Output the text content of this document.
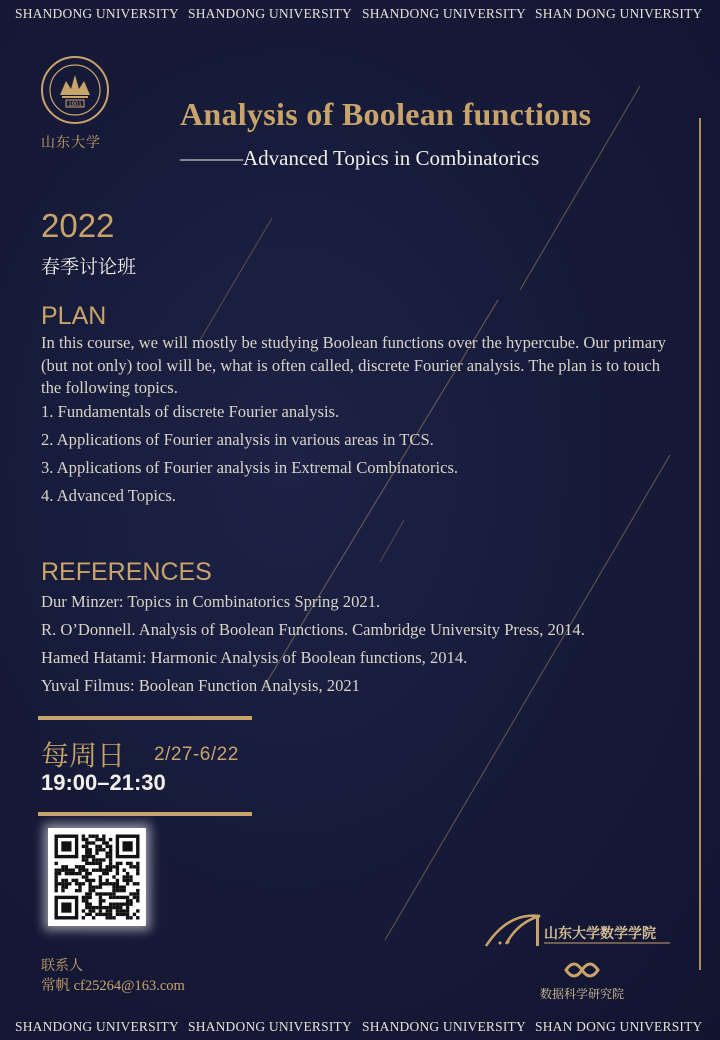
SHANDONG UNIVERSITY SHANDONG UNIVERSITY SHANDONG UNIVERSITY SHAN DONG UNIVERSITY
SHANDONG UNIVERSITY SHANDONG UNIVERSITY SHANDONG UNIVERSITY SHAN DONG UNIVERSITY
1901
山东大学
Analysis of Boolean functions
———Advanced Topics in Combinatorics
2022
春季讨论班
PLAN
In this course, we will mostly be studying Boolean functions over the hypercube. Our primary (but not only) tool will be, what is often called, discrete Fourier analysis. The plan is to touch the following topics.
1. Fundamentals of discrete Fourier analysis.
2. Applications of Fourier analysis in various areas in TCS.
3. Applications of Fourier analysis in Extremal Combinatorics.
4. Advanced Topics.
REFERENCES
Dur Minzer: Topics in Combinatorics Spring 2021.
R. O’Donnell. Analysis of Boolean Functions. Cambridge University Press, 2014.
Hamed Hatami: Harmonic Analysis of Boolean functions, 2014.
Yuval Filmus: Boolean Function Analysis, 2021
每周日 2/27-6/22
19:00–21:30
联系人
常帆 cf25264@163.com
山东大学数学学院
数据科学研究院
